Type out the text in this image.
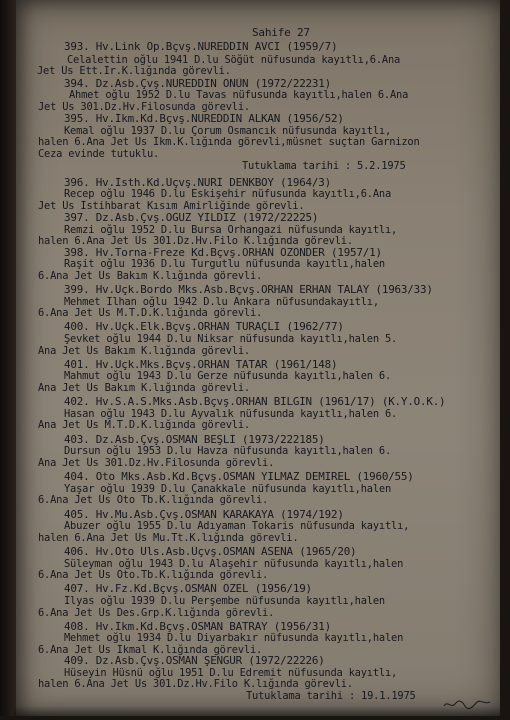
Sahife 27
393. Hv.Link Op.Bçvş.NUREDDİN AVCI (1959/7)
Celalettin oğlu 1941 D.lu Söğüt nüfusunda kayıtlı,6.Ana
Jet Üs Ett.İr.K.lığında görevli.
394. Dz.Asb.Çvş.NUREDDİN ÖNÜN (1972/22231)
Ahmet oğlu 1952 D.lu Tavas nüfusunda kayıtlı,halen 6.Ana
Jet Üs 301.Dz.Hv.Filosunda görevli.
395. Hv.İkm.Kd.Bçvş.NUREDDİN ALKAN (1956/52)
Kemal oğlu 1937 D.lu Çorum Osmancık nüfusunda kayıtlı,
halen 6.Ana Jet Üs İkm.K.lığında görevli,müsnet suçtan Garnizon
Ceza evinde tutuklu.
Tutuklama tarihi : 5.2.1975
396. Hv.İsth.Kd.Üçvş.NURİ DENKBOY (1964/3)
Recep oğlu 1946 D.lu Eskişehir nüfusunda kayıtlı,6.Ana
Jet Üs İstihbarat Kısım Amirliğinde görevli.
397. Dz.Asb.Çvş.OĞUZ YILDIZ (1972/22225)
Remzi oğlu 1952 D.lu Bursa Orhangazi nüfusunda kayıtlı,
halen 6.Ana Jet Üs 301.Dz.Hv.Filo K.lığında görevli.
398. Hv.Torna-Freze Kd.Bçvş.ORHAN ÖZÖNDER (1957/1)
Raşit oğlu 1936 D.lu Turgutlu nüfusunda kayıtlı,halen
6.Ana Jet Üs Bakım K.lığında görevli.
399. Hv.Uçk.Bordo Mks.Asb.Bçvş.ORHAN ERHAN TALAY (1963/33)
Mehmet İlhan oğlu 1942 D.lu Ankara nüfusundakayıtlı,
6.Ana Jet Üs M.T.D.K.lığında görevli.
400. Hv.Uçk.Elk.Bçvş.ORHAN TURAÇLI (1962/77)
Şevket oğlu 1944 D.lu Niksar nüfusunda kayıtlı,halen 5.
Ana Jet Üs Bakım K.lığında görevli.
401. Hv.Uçk.Mks.Bçvş.ORHAN TATAR (1961/148)
Mahmut oğlu 1943 D.lu Gerze nüfusunda kayıtlı,halen 6.
Ana Jet Üs Bakım K.lığında görevli.
402. Hv.S.A.S.Mks.Asb.Bçvş.ORHAN BİLGİN (1961/17) (K.Y.O.K.)
Hasan oğlu 1943 D.lu Ayvalık nüfusunda kayıtlı,halen 6.
Ana Jet Üs M.T.D.K.lığında görevli.
403. Dz.Asb.Çvş.OSMAN BEŞLİ (1973/222185)
Dursun oğlu 1953 D.lu Havza nüfusunda kayıtlı,halen 6.
Ana Jet Üs 301.Dz.Hv.Filosunda görevli.
404. Oto Mks.Asb.Kd.Bçvş.OSMAN YILMAZ DEMİREL (1960/55)
Yaşar oğlu 1939 D.lu Çanakkale nüfusunda kayıtlı,halen
6.Ana Jet Üs Oto Tb.K.lığında görevli.
405. Hv.Mu.Asb.Çvş.OSMAN KARAKAYA (1974/192)
Abuzer oğlu 1955 D.lu Adıyaman Tokaris nüfusunda kayıtlı,
halen 6.Ana Jet Üs Mu.Tt.K.lığında görevli.
406. Hv.Oto Uls.Asb.Üçvş.OSMAN ASENA (1965/20)
Süleyman oğlu 1943 D.lu Alaşehir nüfusunda kayıtlı,halen
6.Ana Jet Üs Oto.Tb.K.lığında görevli.
407. Hv.Fz.Kd.Bçvş.OSMAN ÖZEL (1956/19)
İlyas oğlu 1939 D.lu Perşembe nüfusunda kayıtlı,halen
6.Ana Jet Üs Des.Grp.K.lığında görevli.
408. Hv.İkm.Kd.Bçvş.OSMAN BATRAY (1956/31)
Mehmet oğlu 1934 D.lu Diyarbakır nüfusunda kayıtlı,halen
6.Ana Jet Üs İkmal K.lığında görevli.
409. Dz.Asb.Çvş.OSMAN ŞENGÜR (1972/22226)
Hüseyin Hüsnü oğlu 1951 D.lu Edremit nüfusunda kayıtlı,
halen 6.Ana Jet Üs 301.Dz.Hv.Filo K.lığında görevli.
Tutuklama tarihi : 19.1.1975
